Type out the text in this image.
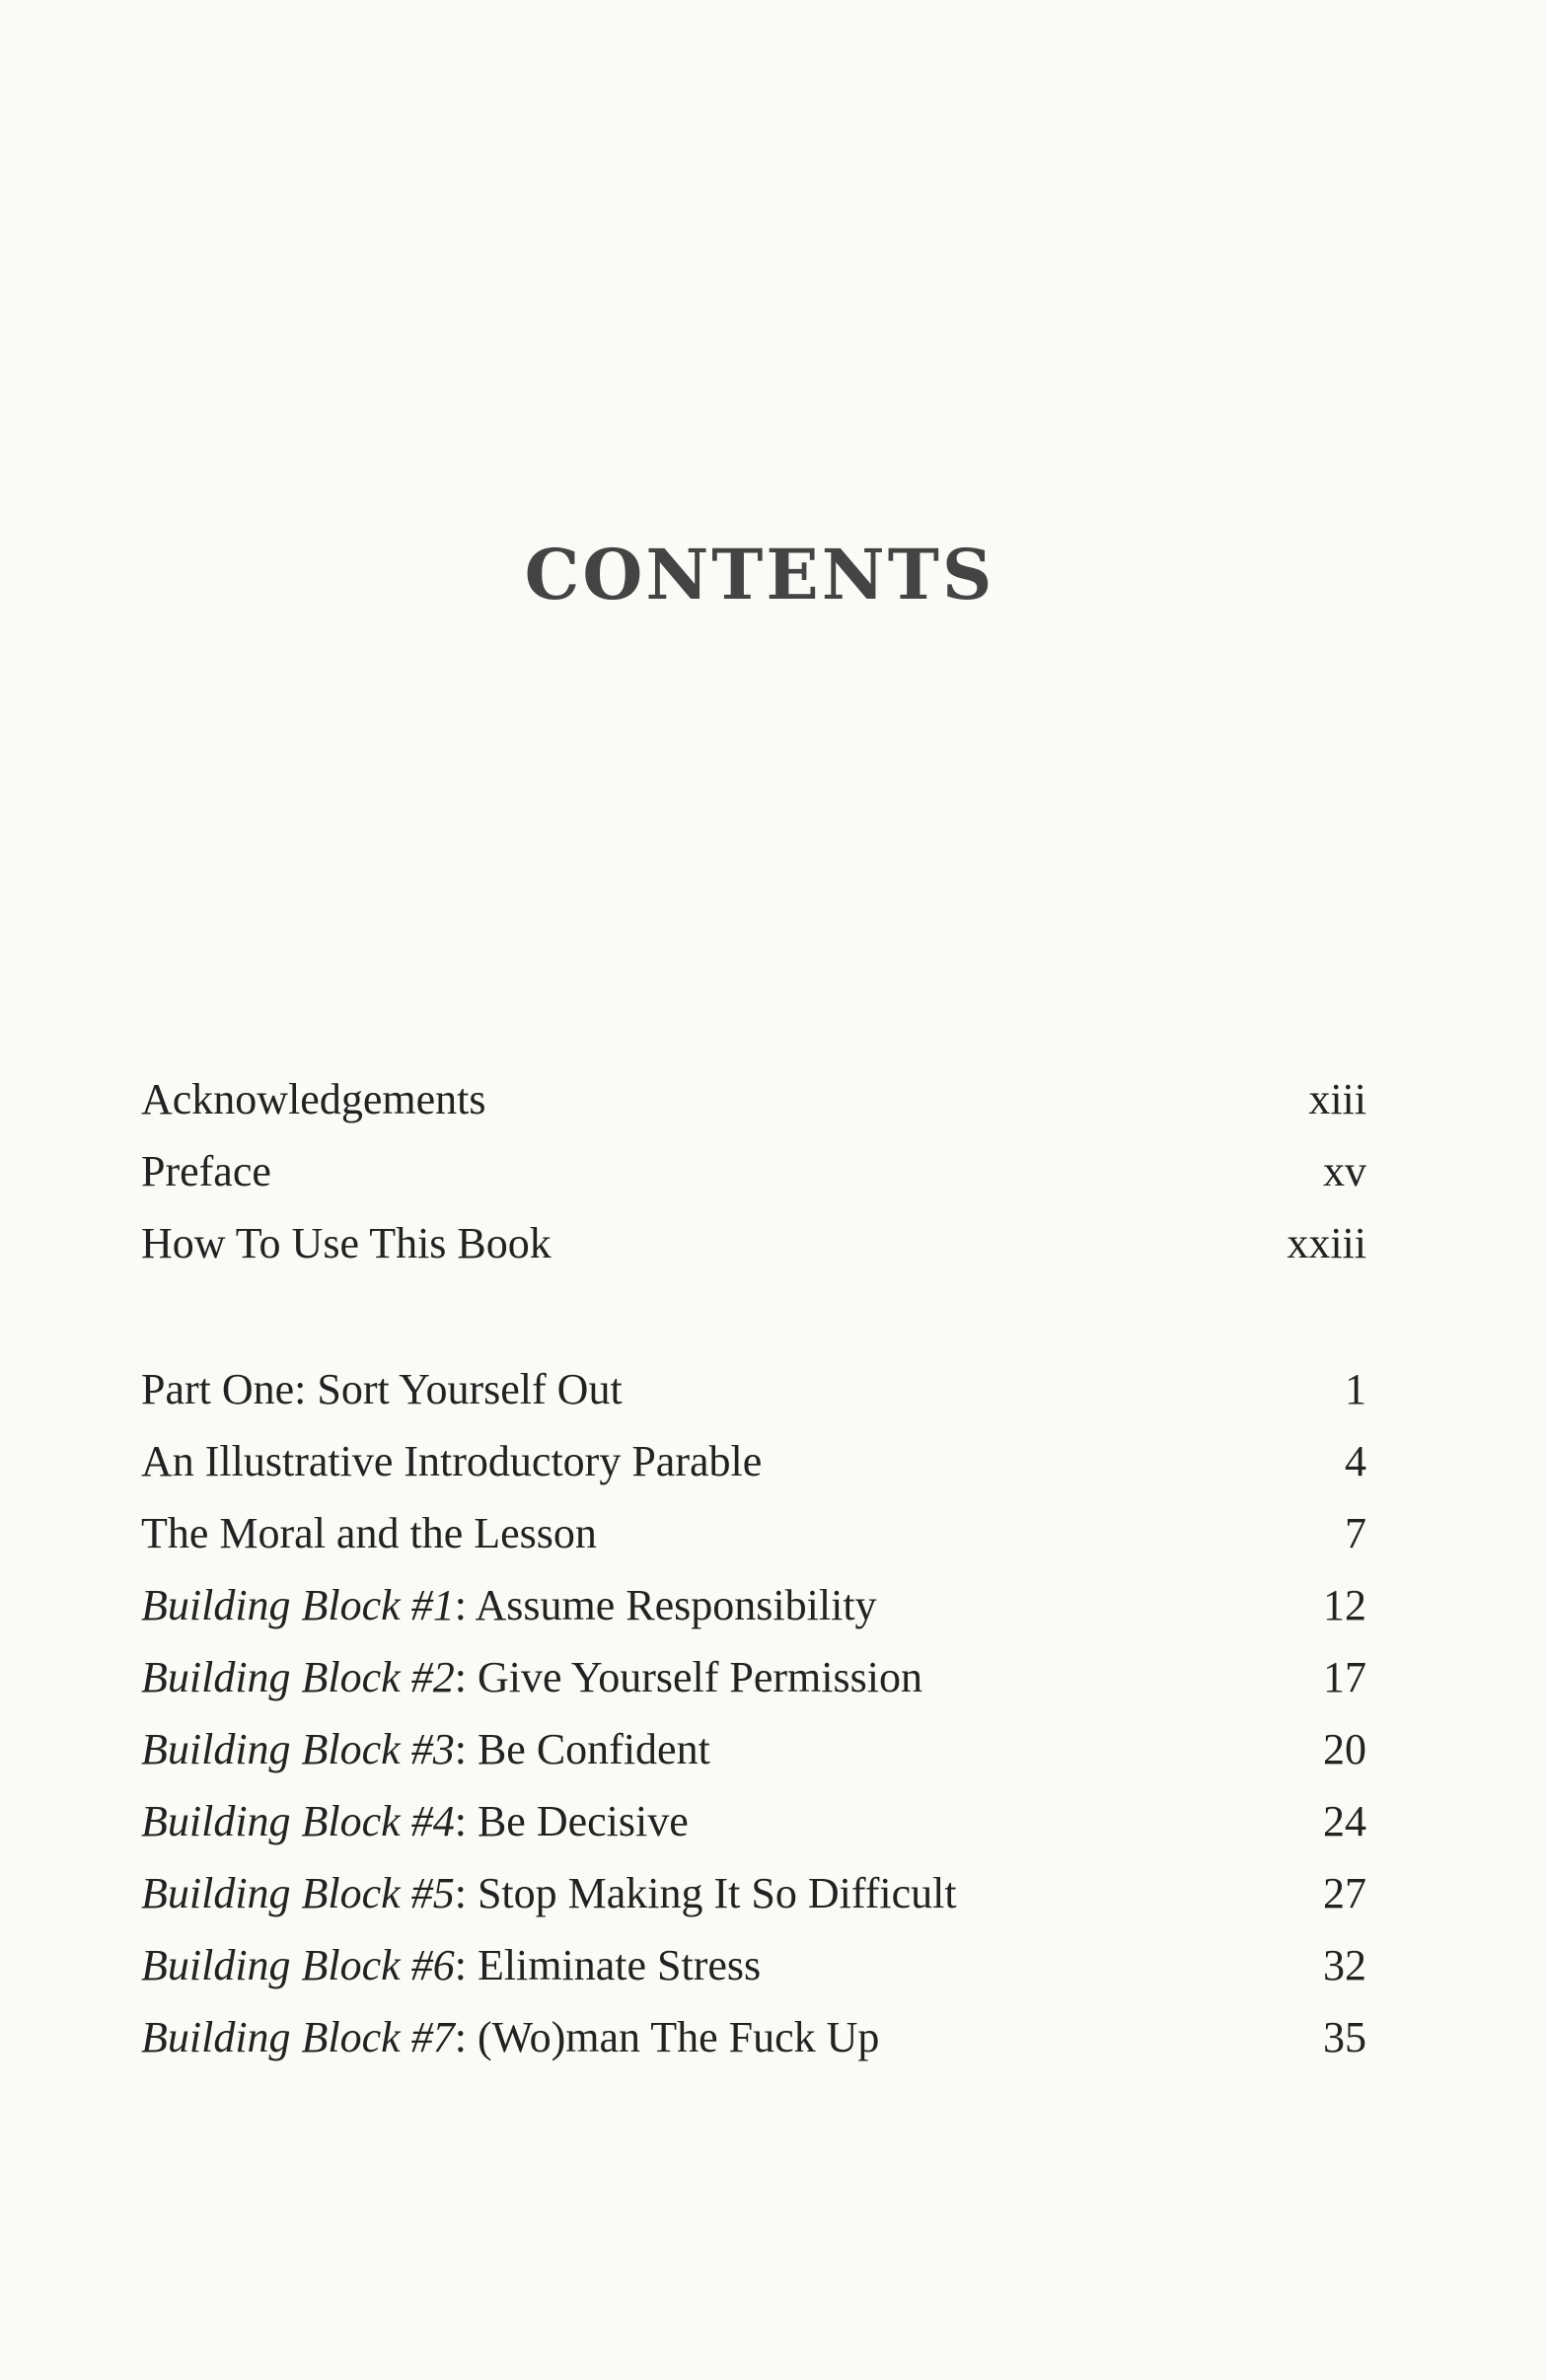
CONTENTS
Acknowledgements	xiii
Preface	xv
How To Use This Book	xxiii
Part One: Sort Yourself Out	1
An Illustrative Introductory Parable	4
The Moral and the Lesson	7
Building Block #1: Assume Responsibility	12
Building Block #2: Give Yourself Permission	17
Building Block #3: Be Confident	20
Building Block #4: Be Decisive	24
Building Block #5: Stop Making It So Difficult	27
Building Block #6: Eliminate Stress	32
Building Block #7: (Wo)man The Fuck Up	35
